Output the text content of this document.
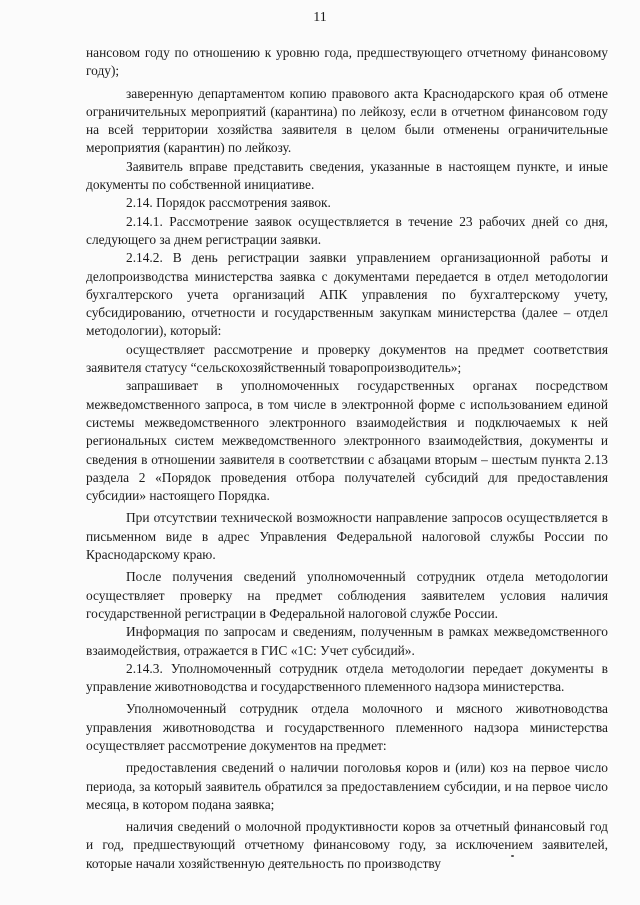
11

нансовом году по отношению к уровню года, предшествующего отчетному финансовому году);

заверенную департаментом копию правового акта Краснодарского края об отмене ограничительных мероприятий (карантина) по лейкозу, если в отчетном финансовом году на всей территории хозяйства заявителя в целом были отменены ограничительные мероприятия (карантин) по лейкозу.

Заявитель вправе представить сведения, указанные в настоящем пункте, и иные документы по собственной инициативе.

2.14. Порядок рассмотрения заявок.

2.14.1. Рассмотрение заявок осуществляется в течение 23 рабочих дней со дня, следующего за днем регистрации заявки.

2.14.2. В день регистрации заявки управлением организационной работы и делопроизводства министерства заявка с документами передается в отдел методологии бухгалтерского учета организаций АПК управления по бухгалтерскому учету, субсидированию, отчетности и государственным закупкам министерства (далее – отдел методологии), который:

осуществляет рассмотрение и проверку документов на предмет соответствия заявителя статусу “сельскохозяйственный товаропроизводитель»;

запрашивает в уполномоченных государственных органах посредством межведомственного запроса, в том числе в электронной форме с использованием единой системы межведомственного электронного взаимодействия и подключаемых к ней региональных систем межведомственного электронного взаимодействия, документы и сведения в отношении заявителя в соответствии с абзацами вторым – шестым пункта 2.13 раздела 2 «Порядок проведения отбора получателей субсидий для предоставления субсидии» настоящего Порядка.

При отсутствии технической возможности направление запросов осуществляется в письменном виде в адрес Управления Федеральной налоговой службы России по Краснодарскому краю.

После получения сведений уполномоченный сотрудник отдела методологии осуществляет проверку на предмет соблюдения заявителем условия наличия государственной регистрации в Федеральной налоговой службе России.

Информация по запросам и сведениям, полученным в рамках межведомственного взаимодействия, отражается в ГИС «1С: Учет субсидий».

2.14.3. Уполномоченный сотрудник отдела методологии передает документы в управление животноводства и государственного племенного надзора министерства.

Уполномоченный сотрудник отдела молочного и мясного животноводства управления животноводства и государственного племенного надзора министерства осуществляет рассмотрение документов на предмет:

предоставления сведений о наличии поголовья коров и (или) коз на первое число периода, за который заявитель обратился за предоставлением субсидии, и на первое число месяца, в котором подана заявка;

наличия сведений о молочной продуктивности коров за отчетный финансовый год и год, предшествующий отчетному финансовому году, за исключением заявителей, которые начали хозяйственную деятельность по производству
